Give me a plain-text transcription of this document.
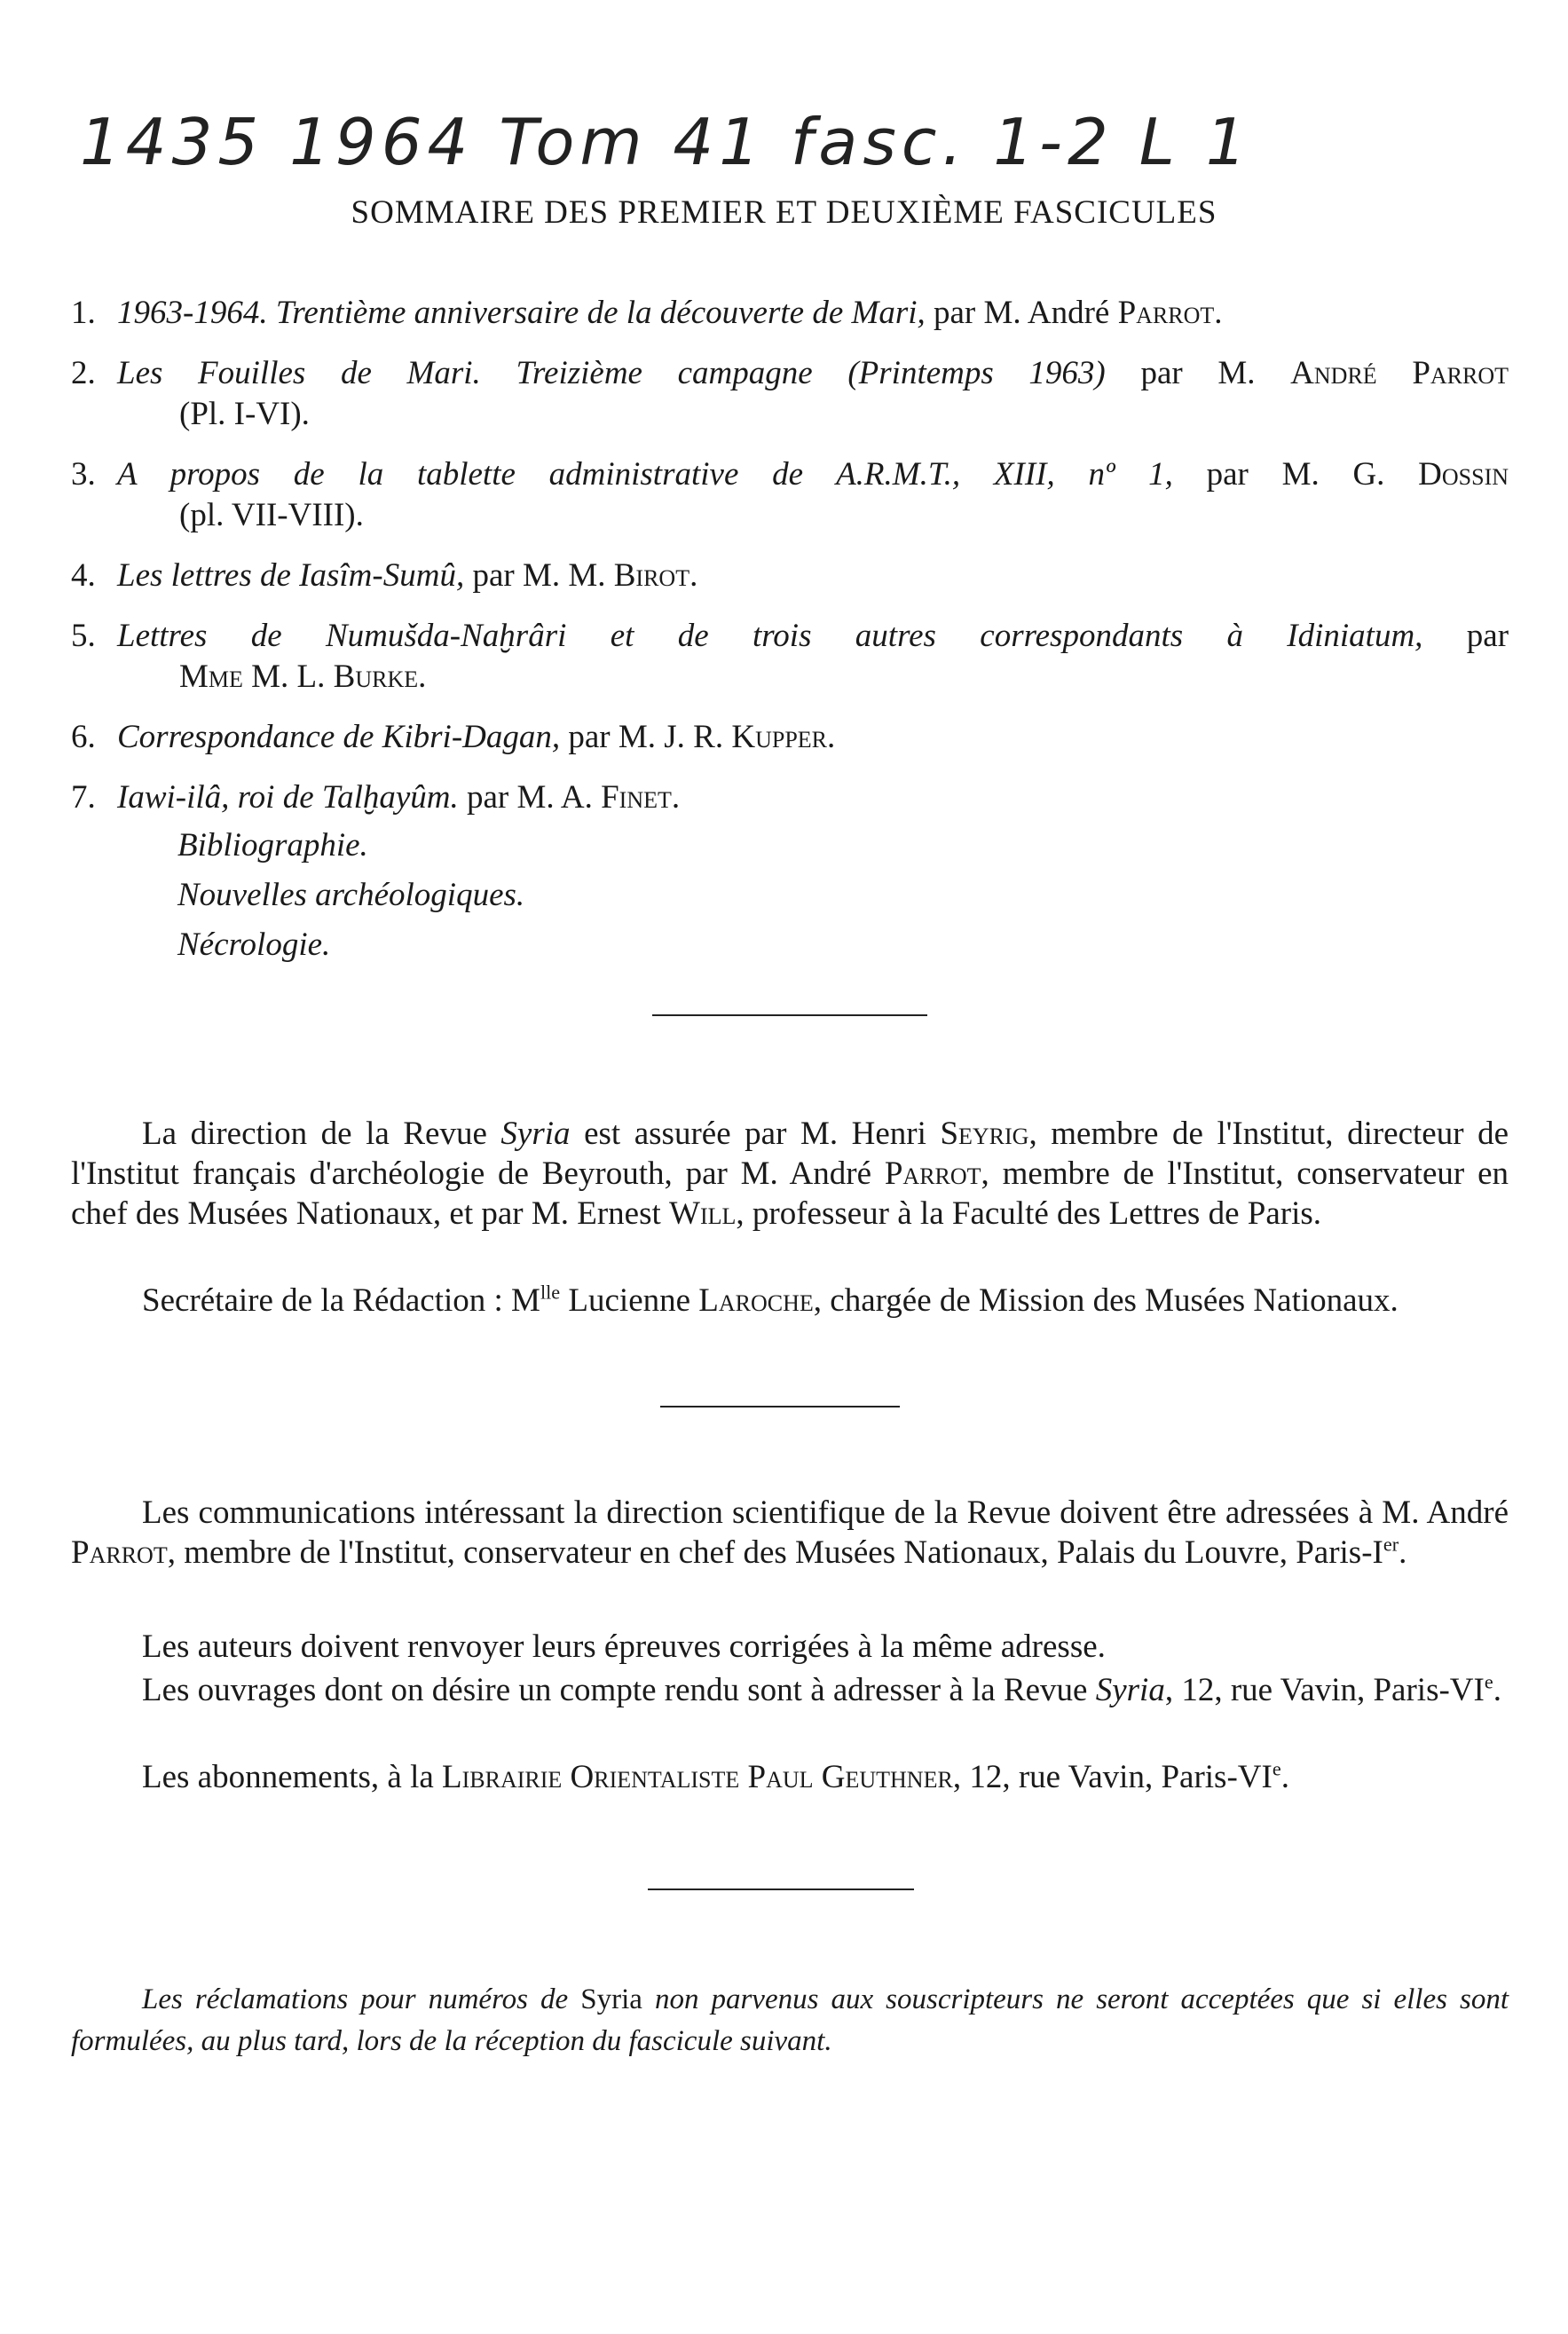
1435 1964 Tom 41 fasc. 1-2 L 1
SOMMAIRE DES PREMIER ET DEUXIÈME FASCICULES
1. 1963-1964. Trentième anniversaire de la découverte de Mari, par M. André Parrot.
2. Les Fouilles de Mari. Treizième campagne (Printemps 1963) par M. André Parrot
(Pl. I-VI).
3. A propos de la tablette administrative de A.R.M.T., XIII, nº 1, par M. G. Dossin
(pl. VII-VIII).
4. Les lettres de Iasîm-Sumû, par M. M. Birot.
5. Lettres de Numušda-Naḫrâri et de trois autres correspondants à Idiniatum, par
Mme M. L. Burke.
6. Correspondance de Kibri-Dagan, par M. J. R. Kupper.
7. Iawi-ilâ, roi de Talḫayûm. par M. A. Finet.
Bibliographie.
Nouvelles archéologiques.
Nécrologie.

La direction de la Revue Syria est assurée par M. Henri Seyrig, membre de l'Institut, directeur de l'Institut français d'archéologie de Beyrouth, par M. André Parrot, membre de l'Institut, conservateur en chef des Musées Nationaux, et par M. Ernest Will, professeur à la Faculté des Lettres de Paris.

Secrétaire de la Rédaction : $M^{lle}$ Lucienne Laroche, chargée de Mission des Musées Nationaux.

Les communications intéressant la direction scientifique de la Revue doivent être adressées à M. André Parrot, membre de l'Institut, conservateur en chef des Musées Nationaux, Palais du Louvre, Paris-Ier.

Les auteurs doivent renvoyer leurs épreuves corrigées à la même adresse.

Les ouvrages dont on désire un compte rendu sont à adresser à la Revue Syria, 12, rue Vavin, Paris-VIe.

Les abonnements, à la Librairie Orientaliste Paul Geuthner, 12, rue Vavin, Paris-VIe.

Les réclamations pour numéros de Syria non parvenus aux souscripteurs ne seront acceptées que si elles sont formulées, au plus tard, lors de la réception du fascicule suivant.
